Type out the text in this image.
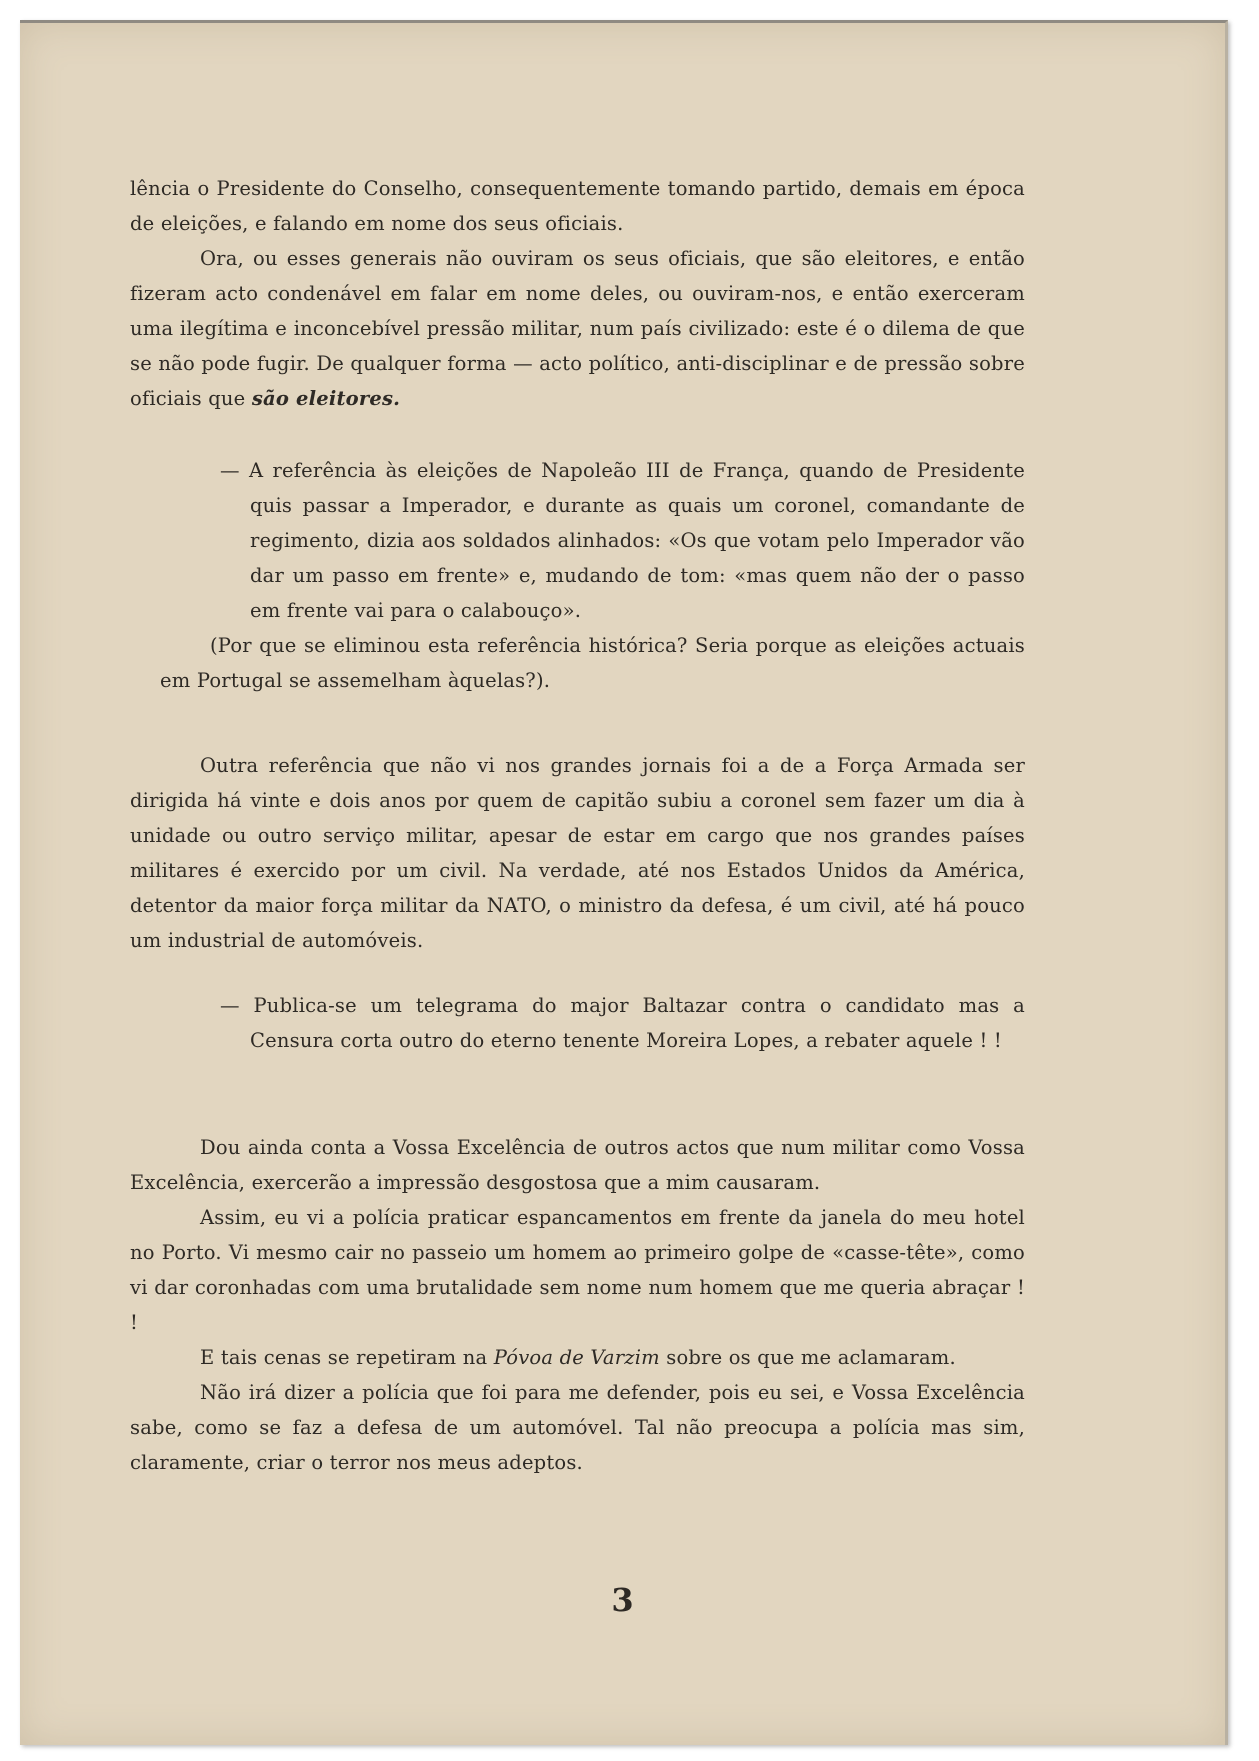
lência o Presidente do Conselho, consequentemente tomando partido, demais em época de eleições, e falando em nome dos seus oficiais.

Ora, ou esses generais não ouviram os seus oficiais, que são eleitores, e então fizeram acto condenável em falar em nome deles, ou ouviram-nos, e então exerceram uma ilegítima e inconcebível pressão militar, num país civilizado: este é o dilema de que se não pode fugir. De qualquer forma — acto político, anti-disciplinar e de pressão sobre oficiais que são eleitores.

— A referência às eleições de Napoleão III de França, quando de Presidente quis passar a Imperador, e durante as quais um coronel, comandante de regimento, dizia aos soldados alinhados: «Os que votam pelo Imperador vão dar um passo em frente» e, mudando de tom: «mas quem não der o passo em frente vai para o calabouço».

(Por que se eliminou esta referência histórica? Seria porque as eleições actuais em Portugal se assemelham àquelas?).

Outra referência que não vi nos grandes jornais foi a de a Força Armada ser dirigida há vinte e dois anos por quem de capitão subiu a coronel sem fazer um dia à unidade ou outro serviço militar, apesar de estar em cargo que nos grandes países militares é exercido por um civil. Na verdade, até nos Estados Unidos da América, detentor da maior força militar da NATO, o ministro da defesa, é um civil, até há pouco um industrial de automóveis.

— Publica-se um telegrama do major Baltazar contra o candidato mas a Censura corta outro do eterno tenente Moreira Lopes, a rebater aquele ! !

Dou ainda conta a Vossa Excelência de outros actos que num militar como Vossa Excelência, exercerão a impressão desgostosa que a mim causaram.

Assim, eu vi a polícia praticar espancamentos em frente da janela do meu hotel no Porto. Vi mesmo cair no passeio um homem ao primeiro golpe de «casse-tête», como vi dar coronhadas com uma brutalidade sem nome num homem que me queria abraçar ! !

E tais cenas se repetiram na Póvoa de Varzim sobre os que me aclamaram.

Não irá dizer a polícia que foi para me defender, pois eu sei, e Vossa Excelência sabe, como se faz a defesa de um automóvel. Tal não preocupa a polícia mas sim, claramente, criar o terror nos meus adeptos.

3
